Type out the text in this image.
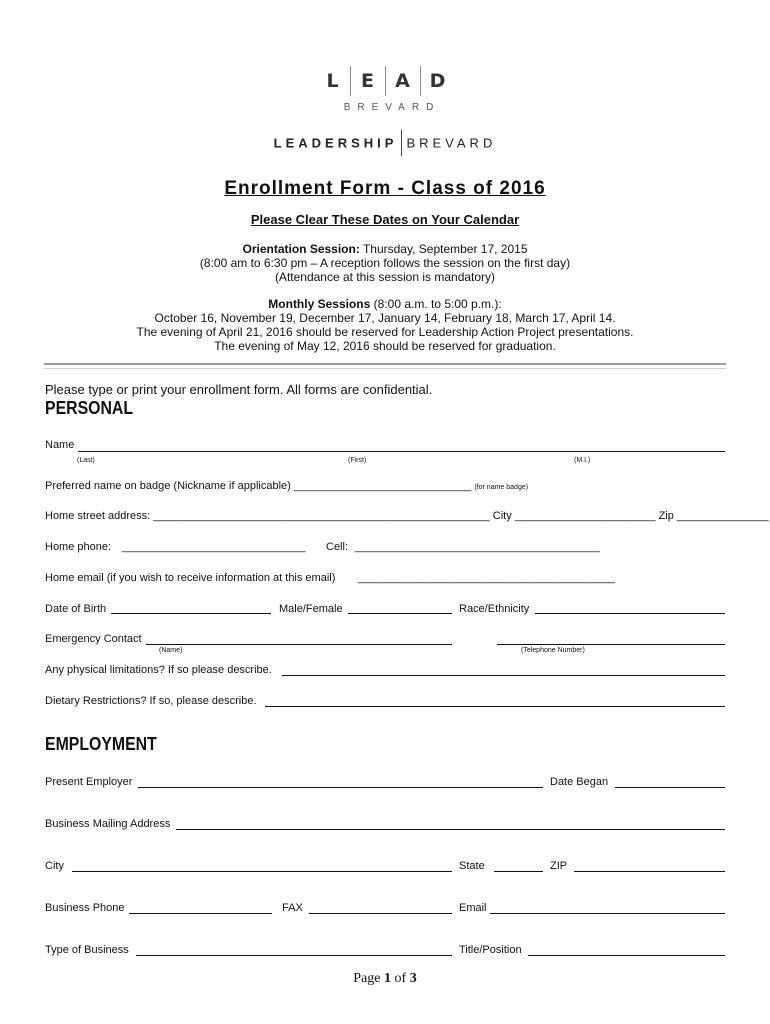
L	E	A	D
BREVARD
LEADERSHIP BREVARD
Enrollment Form - Class of 2016
Please Clear These Dates on Your Calendar
Orientation Session: Thursday, September 17, 2015
(8:00 am to 6:30 pm – A reception follows the session on the first day)
(Attendance at this session is mandatory)
Monthly Sessions (8:00 a.m. to 5:00 p.m.):
October 16, November 19, December 17, January 14, February 18, March 17, April 14.
The evening of April 21, 2016 should be reserved for Leadership Action Project presentations.
The evening of May 12, 2016 should be reserved for graduation.
Please type or print your enrollment form. All forms are confidential.
PERSONAL
Name
(Last)	(First)	(M.I.)
Preferred name on badge (Nickname if applicable) _____________________________ (for name badge)
Home street address: _______________________________________________________ City _______________________ Zip _______________
Home phone: ______________________________ Cell: ________________________________________
Home email (if you wish to receive information at this email) __________________________________________
Date of Birth	Male/Female	Race/Ethnicity
Emergency Contact
(Name)	(Telephone Number)
Any physical limitations? If so please describe.
Dietary Restrictions? If so, please describe.
EMPLOYMENT
Present Employer	Date Began
Business Mailing Address
City	State	ZIP
Business Phone	FAX	Email
Type of Business	Title/Position
Page 1 of 3
